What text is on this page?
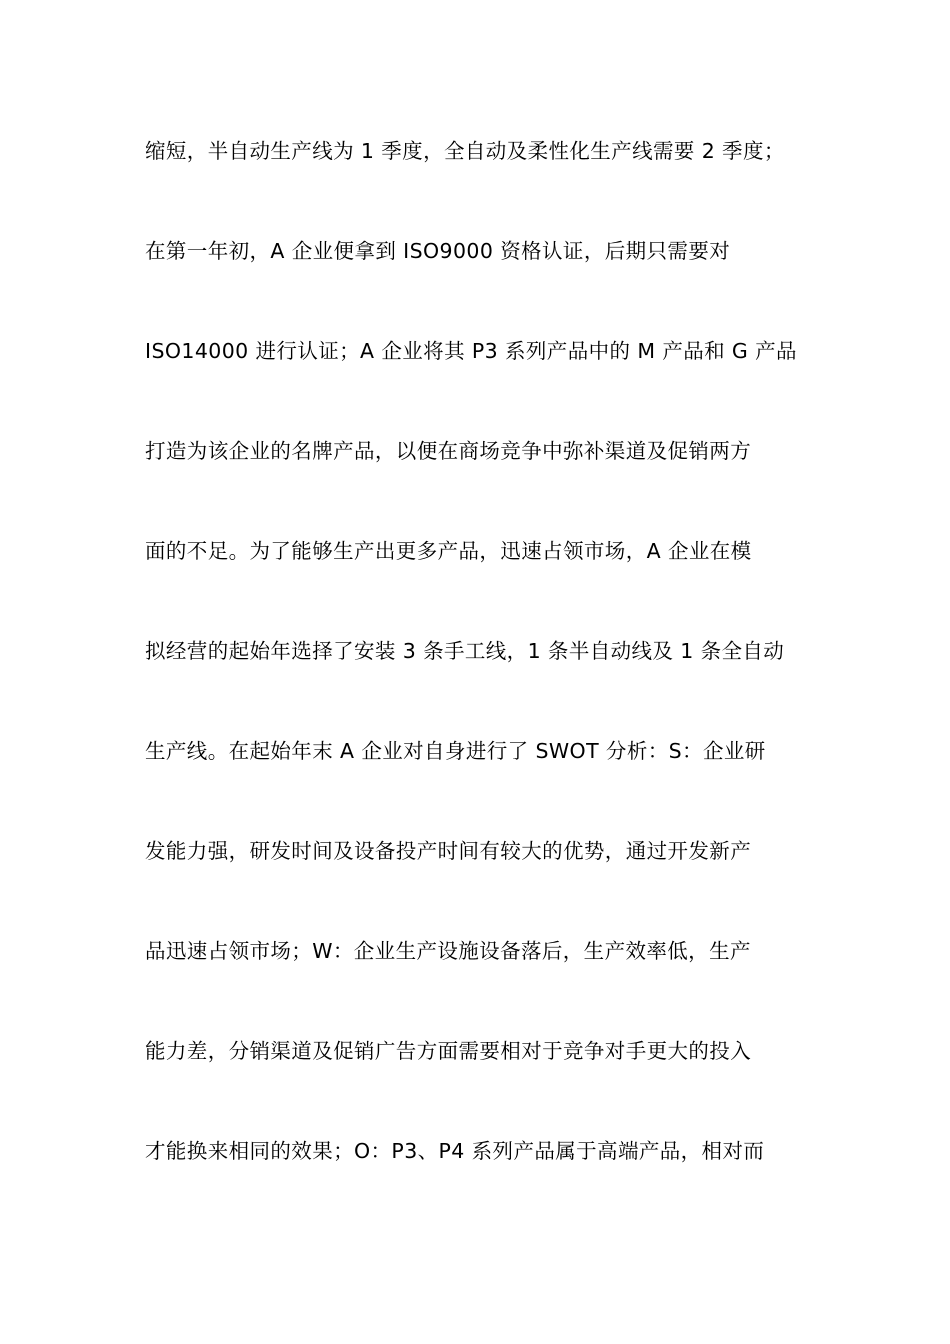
缩短，半自动生产线为 1 季度，全自动及柔性化生产线需要 2 季度；
在第一年初，A 企业便拿到 ISO9000 资格认证，后期只需要对
ISO14000 进行认证；A 企业将其 P3 系列产品中的 M 产品和 G 产品
打造为该企业的名牌产品，以便在商场竞争中弥补渠道及促销两方
面的不足。为了能够生产出更多产品，迅速占领市场，A 企业在模
拟经营的起始年选择了安装 3 条手工线，1 条半自动线及 1 条全自动
生产线。在起始年末 A 企业对自身进行了 SWOT 分析：S：企业研
发能力强，研发时间及设备投产时间有较大的优势，通过开发新产
品迅速占领市场；W：企业生产设施设备落后，生产效率低，生产
能力差，分销渠道及促销广告方面需要相对于竞争对手更大的投入
才能换来相同的效果；O：P3、P4 系列产品属于高端产品，相对而
